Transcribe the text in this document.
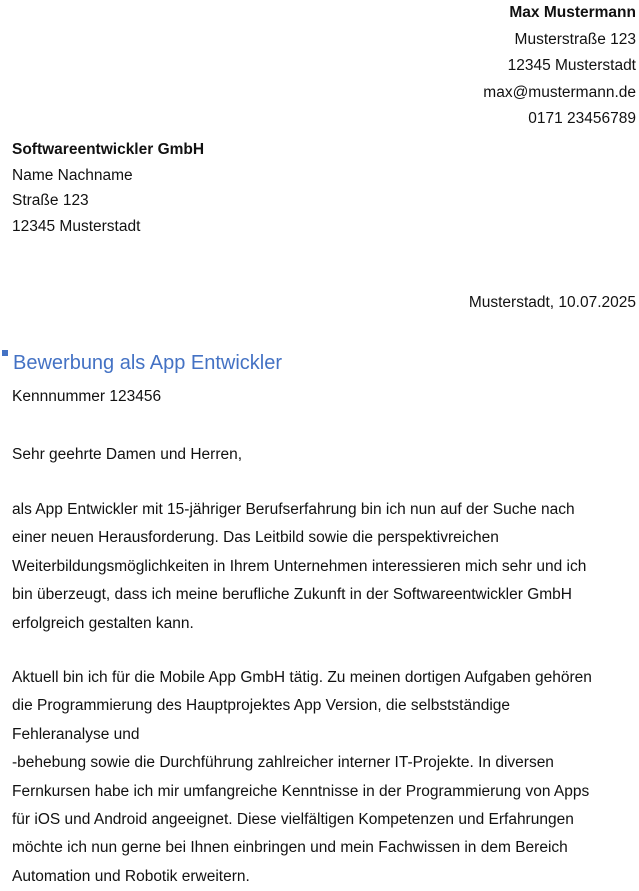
Max Mustermann
Musterstraße 123
12345 Musterstadt
max@mustermann.de
0171 23456789
Softwareentwickler GmbH
Name Nachname
Straße 123
12345 Musterstadt
Musterstadt, 10.07.2025
Bewerbung als App Entwickler
Kennnummer 123456
Sehr geehrte Damen und Herren,
als App Entwickler mit 15-jähriger Berufserfahrung bin ich nun auf der Suche nach
einer neuen Herausforderung. Das Leitbild sowie die perspektivreichen
Weiterbildungsmöglichkeiten in Ihrem Unternehmen interessieren mich sehr und ich
bin überzeugt, dass ich meine berufliche Zukunft in der Softwareentwickler GmbH
erfolgreich gestalten kann.
Aktuell bin ich für die Mobile App GmbH tätig. Zu meinen dortigen Aufgaben gehören
die Programmierung des Hauptprojektes App Version, die selbstständige
Fehleranalyse und
-behebung sowie die Durchführung zahlreicher interner IT-Projekte. In diversen
Fernkursen habe ich mir umfangreiche Kenntnisse in der Programmierung von Apps
für iOS und Android angeeignet. Diese vielfältigen Kompetenzen und Erfahrungen
möchte ich nun gerne bei Ihnen einbringen und mein Fachwissen in dem Bereich
Automation und Robotik erweitern.
